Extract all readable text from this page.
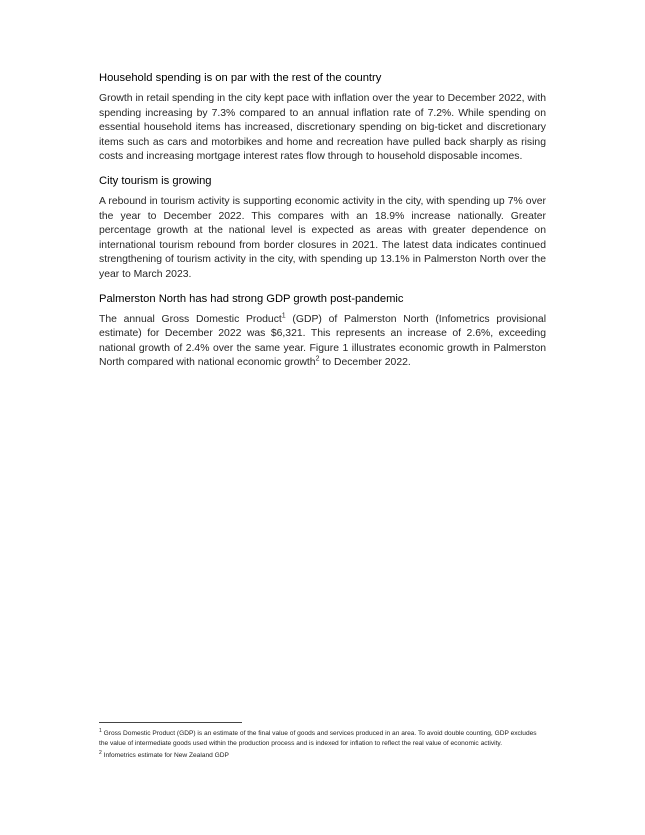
Household spending is on par with the rest of the country

Growth in retail spending in the city kept pace with inflation over the year to December 2022, with spending increasing by 7.3% compared to an annual inflation rate of 7.2%. While spending on essential household items has increased, discretionary spending on big-ticket and discretionary items such as cars and motorbikes and home and recreation have pulled back sharply as rising costs and increasing mortgage interest rates flow through to household disposable incomes.

City tourism is growing

A rebound in tourism activity is supporting economic activity in the city, with spending up 7% over the year to December 2022. This compares with an 18.9% increase nationally. Greater percentage growth at the national level is expected as areas with greater dependence on international tourism rebound from border closures in 2021. The latest data indicates continued strengthening of tourism activity in the city, with spending up 13.1% in Palmerston North over the year to March 2023.

Palmerston North has had strong GDP growth post-pandemic

The annual Gross Domestic Product$^1$ (GDP) of Palmerston North (Infometrics provisional estimate) for December 2022 was $6,321. This represents an increase of 2.6%, exceeding national growth of 2.4% over the same year. Figure 1 illustrates economic growth in Palmerston North compared with national economic growth$^2$ to December 2022.

$^1$ Gross Domestic Product (GDP) is an estimate of the final value of goods and services produced in an area. To avoid double counting, GDP excludes the value of intermediate goods used within the production process and is indexed for inflation to reflect the real value of economic activity.

$^2$ Infometrics estimate for New Zealand GDP
